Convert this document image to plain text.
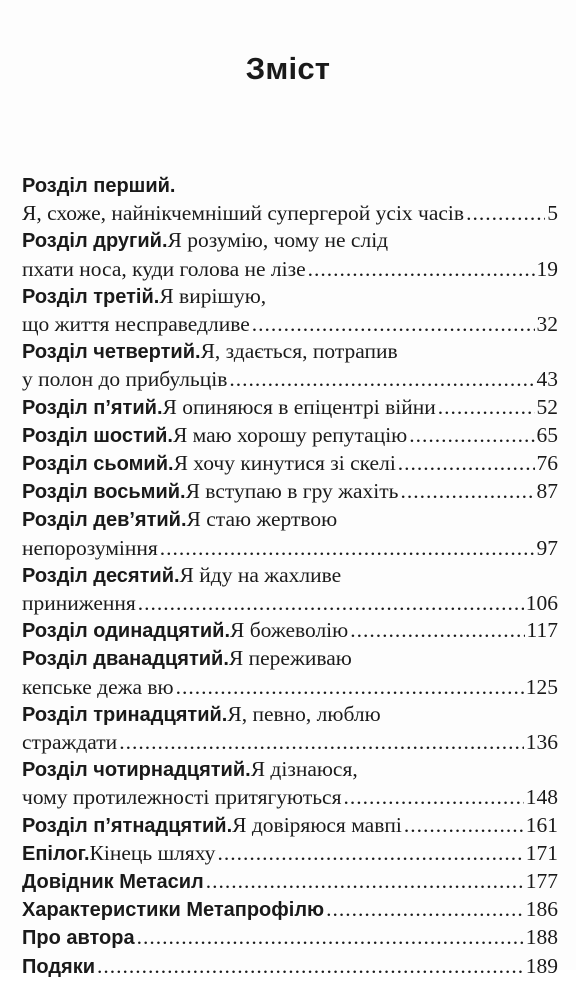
Зміст
Розділ перший.
Я, схоже, найнікчемніший супергерой усіх часів .....	5
Розділ другий. Я розумію, чому не слід
пхати носа, куди голова не лізе .....	19
Розділ третій. Я вирішую,
що життя несправедливе .....	32
Розділ четвертий. Я, здається, потрапив
у полон до прибульців .....	43
Розділ п’ятий. Я опиняюся в епіцентрі війни .....	52
Розділ шостий. Я маю хорошу репутацію .....	65
Розділ сьомий. Я хочу кинутися зі скелі .....	76
Розділ восьмий. Я вступаю в гру жахіть .....	87
Розділ дев’ятий. Я стаю жертвою
непорозуміння .....	97
Розділ десятий. Я йду на жахливе
приниження .....	106
Розділ одинадцятий. Я божеволію .....	117
Розділ дванадцятий. Я переживаю
кепське дежа вю .....	125
Розділ тринадцятий. Я, певно, люблю
страждати .....	136
Розділ чотирнадцятий. Я дізнаюся,
чому протилежності притягуються .....	148
Розділ п’ятнадцятий. Я довіряюся мавпі .....	161
Епілог. Кінець шляху .....	171
Довідник Метасил .....	177
Характеристики Метапрофілю .....	186
Про автора .....	188
Подяки .....	189
